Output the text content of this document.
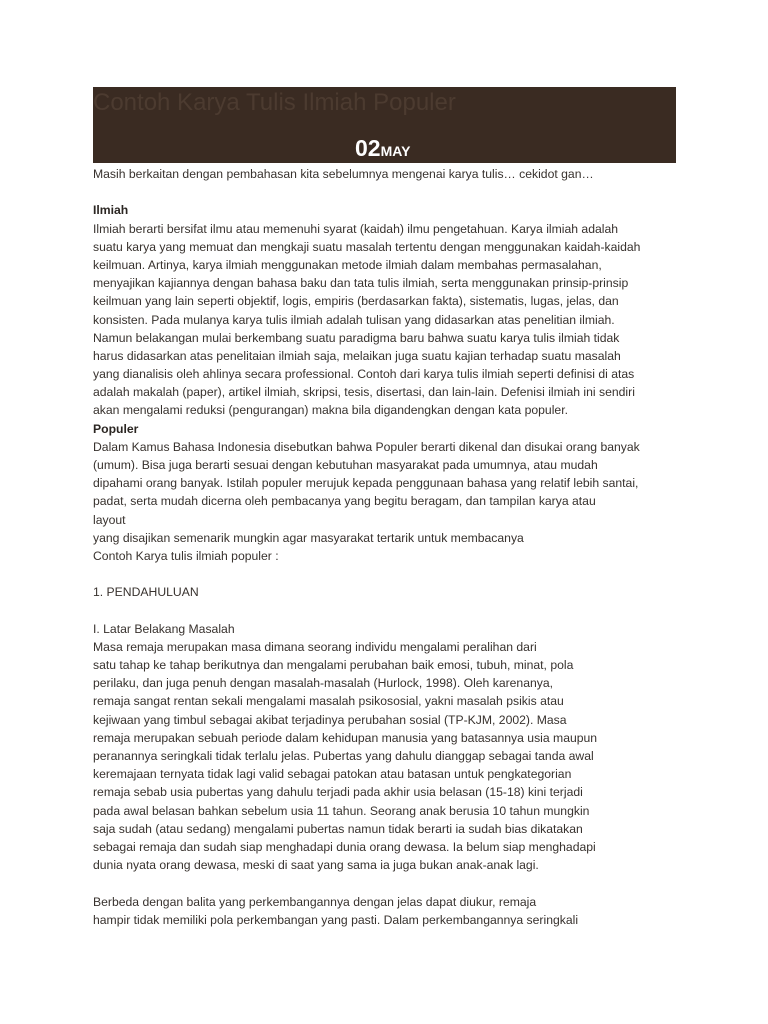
Contoh Karya Tulis Ilmiah Populer
02MAY
Masih berkaitan dengan pembahasan kita sebelumnya mengenai karya tulis… cekidot gan…
Ilmiah
Ilmiah berarti bersifat ilmu atau memenuhi syarat (kaidah) ilmu pengetahuan. Karya ilmiah adalah
suatu karya yang memuat dan mengkaji suatu masalah tertentu dengan menggunakan kaidah-kaidah
keilmuan. Artinya, karya ilmiah menggunakan metode ilmiah dalam membahas permasalahan,
menyajikan kajiannya dengan bahasa baku dan tata tulis ilmiah, serta menggunakan prinsip-prinsip
keilmuan yang lain seperti objektif, logis, empiris (berdasarkan fakta), sistematis, lugas, jelas, dan
konsisten. Pada mulanya karya tulis ilmiah adalah tulisan yang didasarkan atas penelitian ilmiah.
Namun belakangan mulai berkembang suatu paradigma baru bahwa suatu karya tulis ilmiah tidak
harus didasarkan atas penelitaian ilmiah saja, melaikan juga suatu kajian terhadap suatu masalah
yang dianalisis oleh ahlinya secara professional. Contoh dari karya tulis ilmiah seperti definisi di atas
adalah makalah (paper), artikel ilmiah, skripsi, tesis, disertasi, dan lain-lain. Defenisi ilmiah ini sendiri
akan mengalami reduksi (pengurangan) makna bila digandengkan dengan kata populer.
Populer
Dalam Kamus Bahasa Indonesia disebutkan bahwa Populer berarti dikenal dan disukai orang banyak
(umum). Bisa juga berarti sesuai dengan kebutuhan masyarakat pada umumnya, atau mudah
dipahami orang banyak. Istilah populer merujuk kepada penggunaan bahasa yang relatif lebih santai,
padat, serta mudah dicerna oleh pembacanya yang begitu beragam, dan tampilan karya atau
layout
yang disajikan semenarik mungkin agar masyarakat tertarik untuk membacanya
Contoh Karya tulis ilmiah populer :
1. PENDAHULUAN
I. Latar Belakang Masalah
Masa remaja merupakan masa dimana seorang individu mengalami peralihan dari
satu tahap ke tahap berikutnya dan mengalami perubahan baik emosi, tubuh, minat, pola
perilaku, dan juga penuh dengan masalah-masalah (Hurlock, 1998). Oleh karenanya,
remaja sangat rentan sekali mengalami masalah psikososial, yakni masalah psikis atau
kejiwaan yang timbul sebagai akibat terjadinya perubahan sosial (TP-KJM, 2002). Masa
remaja merupakan sebuah periode dalam kehidupan manusia yang batasannya usia maupun
peranannya seringkali tidak terlalu jelas. Pubertas yang dahulu dianggap sebagai tanda awal
keremajaan ternyata tidak lagi valid sebagai patokan atau batasan untuk pengkategorian
remaja sebab usia pubertas yang dahulu terjadi pada akhir usia belasan (15-18) kini terjadi
pada awal belasan bahkan sebelum usia 11 tahun. Seorang anak berusia 10 tahun mungkin
saja sudah (atau sedang) mengalami pubertas namun tidak berarti ia sudah bias dikatakan
sebagai remaja dan sudah siap menghadapi dunia orang dewasa. Ia belum siap menghadapi
dunia nyata orang dewasa, meski di saat yang sama ia juga bukan anak-anak lagi.
Berbeda dengan balita yang perkembangannya dengan jelas dapat diukur, remaja
hampir tidak memiliki pola perkembangan yang pasti. Dalam perkembangannya seringkali
